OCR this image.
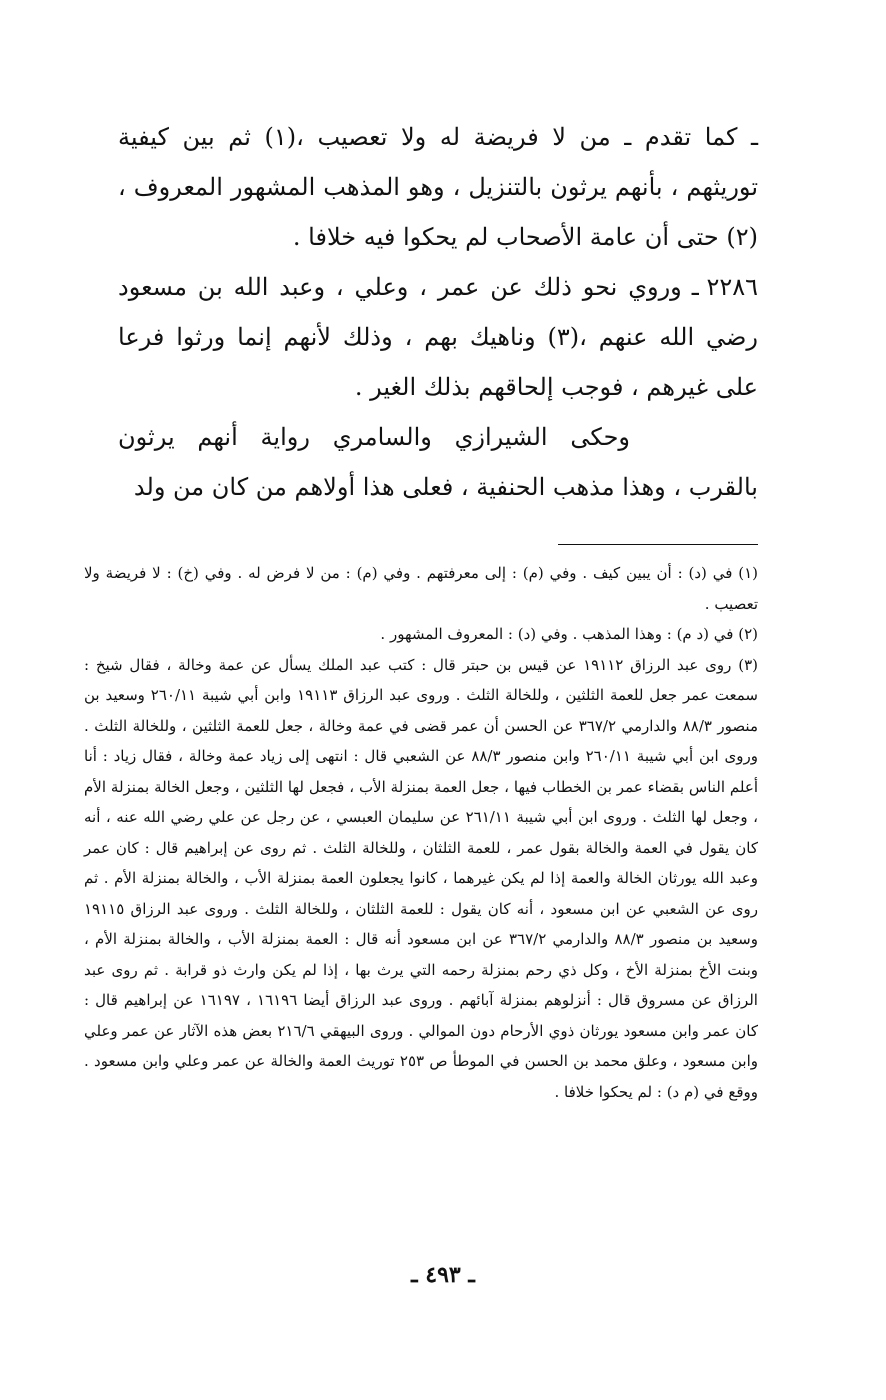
ـ كما تقدم ـ من لا فريضة له ولا تعصيب ،(١) ثم بين كيفية توريثهم ، بأنهم يرثون بالتنزيل ، وهو المذهب المشهور المعروف ،(٢) حتى أن عامة الأصحاب لم يحكوا فيه خلافا .

٢٢٨٦ ـوروي نحو ذلك عن عمر ، وعلي ، وعبد الله بن مسعود رضي الله عنهم ،(٣) وناهيك بهم ، وذلك لأنهم إنما ورثوا فرعا على غيرهم ، فوجب إلحاقهم بذلك الغير .

وحكى الشيرازي والسامري رواية أنهم يرثون بالقرب ، وهذا مذهب الحنفية ، فعلى هذا أولاهم من كان من ولد

(١) في (د) : أن يبين كيف . وفي (م) : إلى معرفتهم . وفي (م) : من لا فرض له . وفي (خ) : لا فريضة ولا تعصيب .

(٢) في (د م) : وهذا المذهب . وفي (د) : المعروف المشهور .

(٣) روى عبد الرزاق ١٩١١٢ عن قيس بن حبتر قال : كتب عبد الملك يسأل عن عمة وخالة ، فقال شيخ : سمعت عمر جعل للعمة الثلثين ، وللخالة الثلث . وروى عبد الرزاق ١٩١١٣ وابن أبي شيبة ٢٦٠/١١ وسعيد بن منصور ٨٨/٣ والدارمي ٣٦٧/٢ عن الحسن أن عمر قضى في عمة وخالة ، جعل للعمة الثلثين ، وللخالة الثلث . وروى ابن أبي شيبة ٢٦٠/١١ وابن منصور ٨٨/٣ عن الشعبي قال : انتهى إلى زياد عمة وخالة ، فقال زياد : أنا أعلم الناس بقضاء عمر بن الخطاب فيها ، جعل العمة بمنزلة الأب ، فجعل لها الثلثين ، وجعل الخالة بمنزلة الأم ، وجعل لها الثلث . وروى ابن أبي شيبة ٢٦١/١١ عن سليمان العبسي ، عن رجل عن علي رضي الله عنه ، أنه كان يقول في العمة والخالة بقول عمر ، للعمة الثلثان ، وللخالة الثلث . ثم روى عن إبراهيم قال : كان عمر وعبد الله يورثان الخالة والعمة إذا لم يكن غيرهما ، كانوا يجعلون العمة بمنزلة الأب ، والخالة بمنزلة الأم . ثم روى عن الشعبي عن ابن مسعود ، أنه كان يقول : للعمة الثلثان ، وللخالة الثلث . وروى عبد الرزاق ١٩١١٥ وسعيد بن منصور ٨٨/٣ والدارمي ٣٦٧/٢ عن ابن مسعود أنه قال : العمة بمنزلة الأب ، والخالة بمنزلة الأم ، وبنت الأخ بمنزلة الأخ ، وكل ذي رحم بمنزلة رحمه التي يرث بها ، إذا لم يكن وارث ذو قرابة . ثم روى عبد الرزاق عن مسروق قال : أنزلوهم بمنزلة آبائهم . وروى عبد الرزاق أيضا ١٦١٩٦ ، ١٦١٩٧ عن إبراهيم قال : كان عمر وابن مسعود يورثان ذوي الأرحام دون الموالي . وروى البيهقي ٢١٦/٦ بعض هذه الآثار عن عمر وعلي وابن مسعود ، وعلق محمد بن الحسن في الموطأ ص ٢٥٣ توريث العمة والخالة عن عمر وعلي وابن مسعود . ووقع في (م د) : لم يحكوا خلافا .

ـ ٤٩٣ ـ
